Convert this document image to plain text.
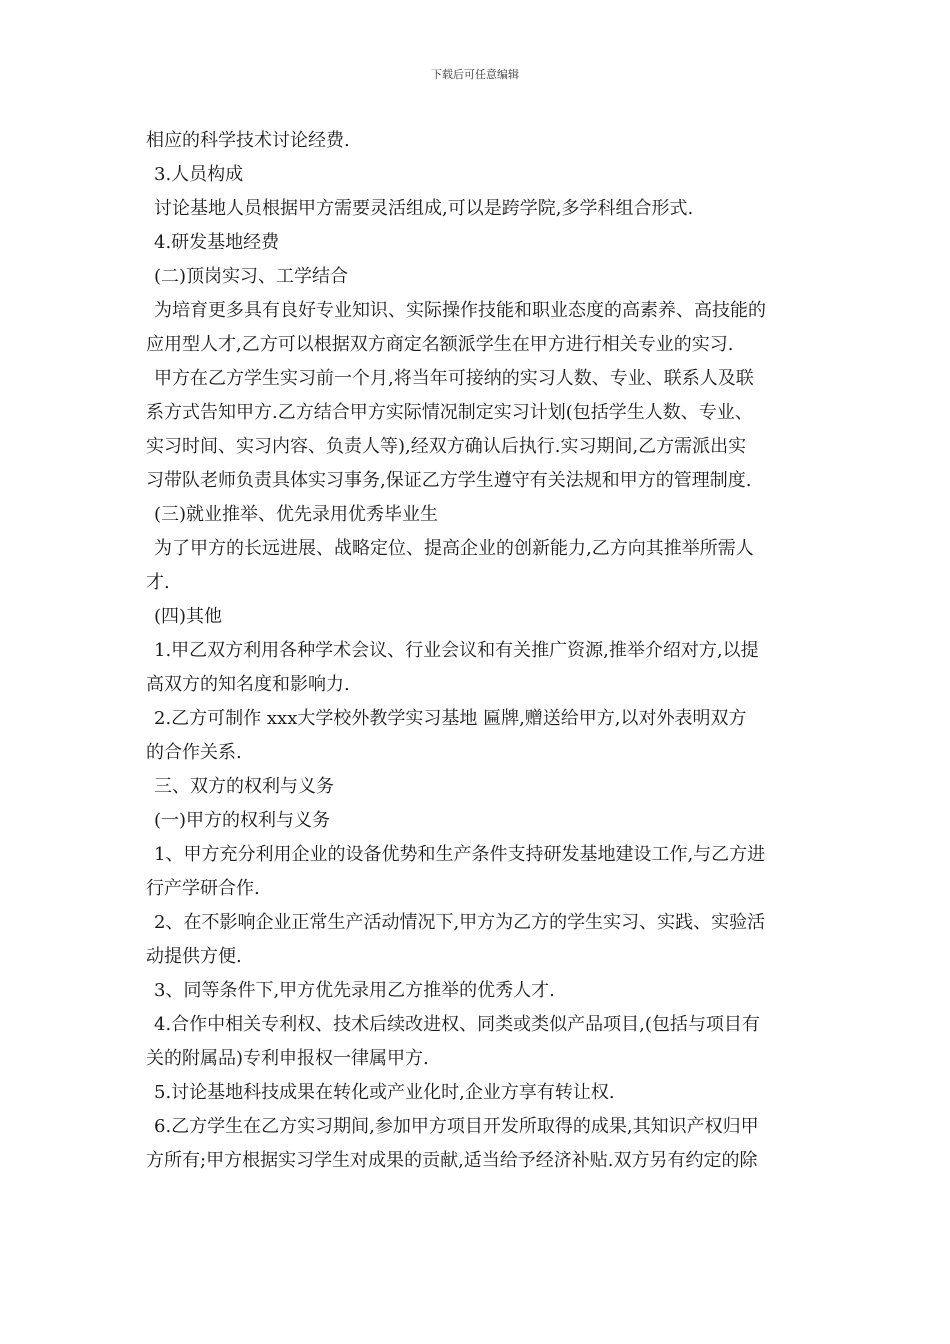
下载后可任意编辑
相应的科学技术讨论经费.
3.人员构成
讨论基地人员根据甲方需要灵活组成,可以是跨学院,多学科组合形式.
4.研发基地经费
(二)顶岗实习、工学结合
为培育更多具有良好专业知识、实际操作技能和职业态度的高素养、高技能的
应用型人才,乙方可以根据双方商定名额派学生在甲方进行相关专业的实习.
甲方在乙方学生实习前一个月,将当年可接纳的实习人数、专业、联系人及联
系方式告知甲方.乙方结合甲方实际情况制定实习计划(包括学生人数、专业、
实习时间、实习内容、负责人等),经双方确认后执行.实习期间,乙方需派出实
习带队老师负责具体实习事务,保证乙方学生遵守有关法规和甲方的管理制度.
(三)就业推举、优先录用优秀毕业生
为了甲方的长远进展、战略定位、提高企业的创新能力,乙方向其推举所需人
才.
(四)其他
1.甲乙双方利用各种学术会议、行业会议和有关推广资源,推举介绍对方,以提
高双方的知名度和影响力.
2.乙方可制作 xxx大学校外教学实习基地 匾牌,赠送给甲方,以对外表明双方
的合作关系.
三、双方的权利与义务
(一)甲方的权利与义务
1、甲方充分利用企业的设备优势和生产条件支持研发基地建设工作,与乙方进
行产学研合作.
2、在不影响企业正常生产活动情况下,甲方为乙方的学生实习、实践、实验活
动提供方便.
3、同等条件下,甲方优先录用乙方推举的优秀人才.
4.合作中相关专利权、技术后续改进权、同类或类似产品项目,(包括与项目有
关的附属品)专利申报权一律属甲方.
5.讨论基地科技成果在转化或产业化时,企业方享有转让权.
6.乙方学生在乙方实习期间,参加甲方项目开发所取得的成果,其知识产权归甲
方所有;甲方根据实习学生对成果的贡献,适当给予经济补贴.双方另有约定的除
